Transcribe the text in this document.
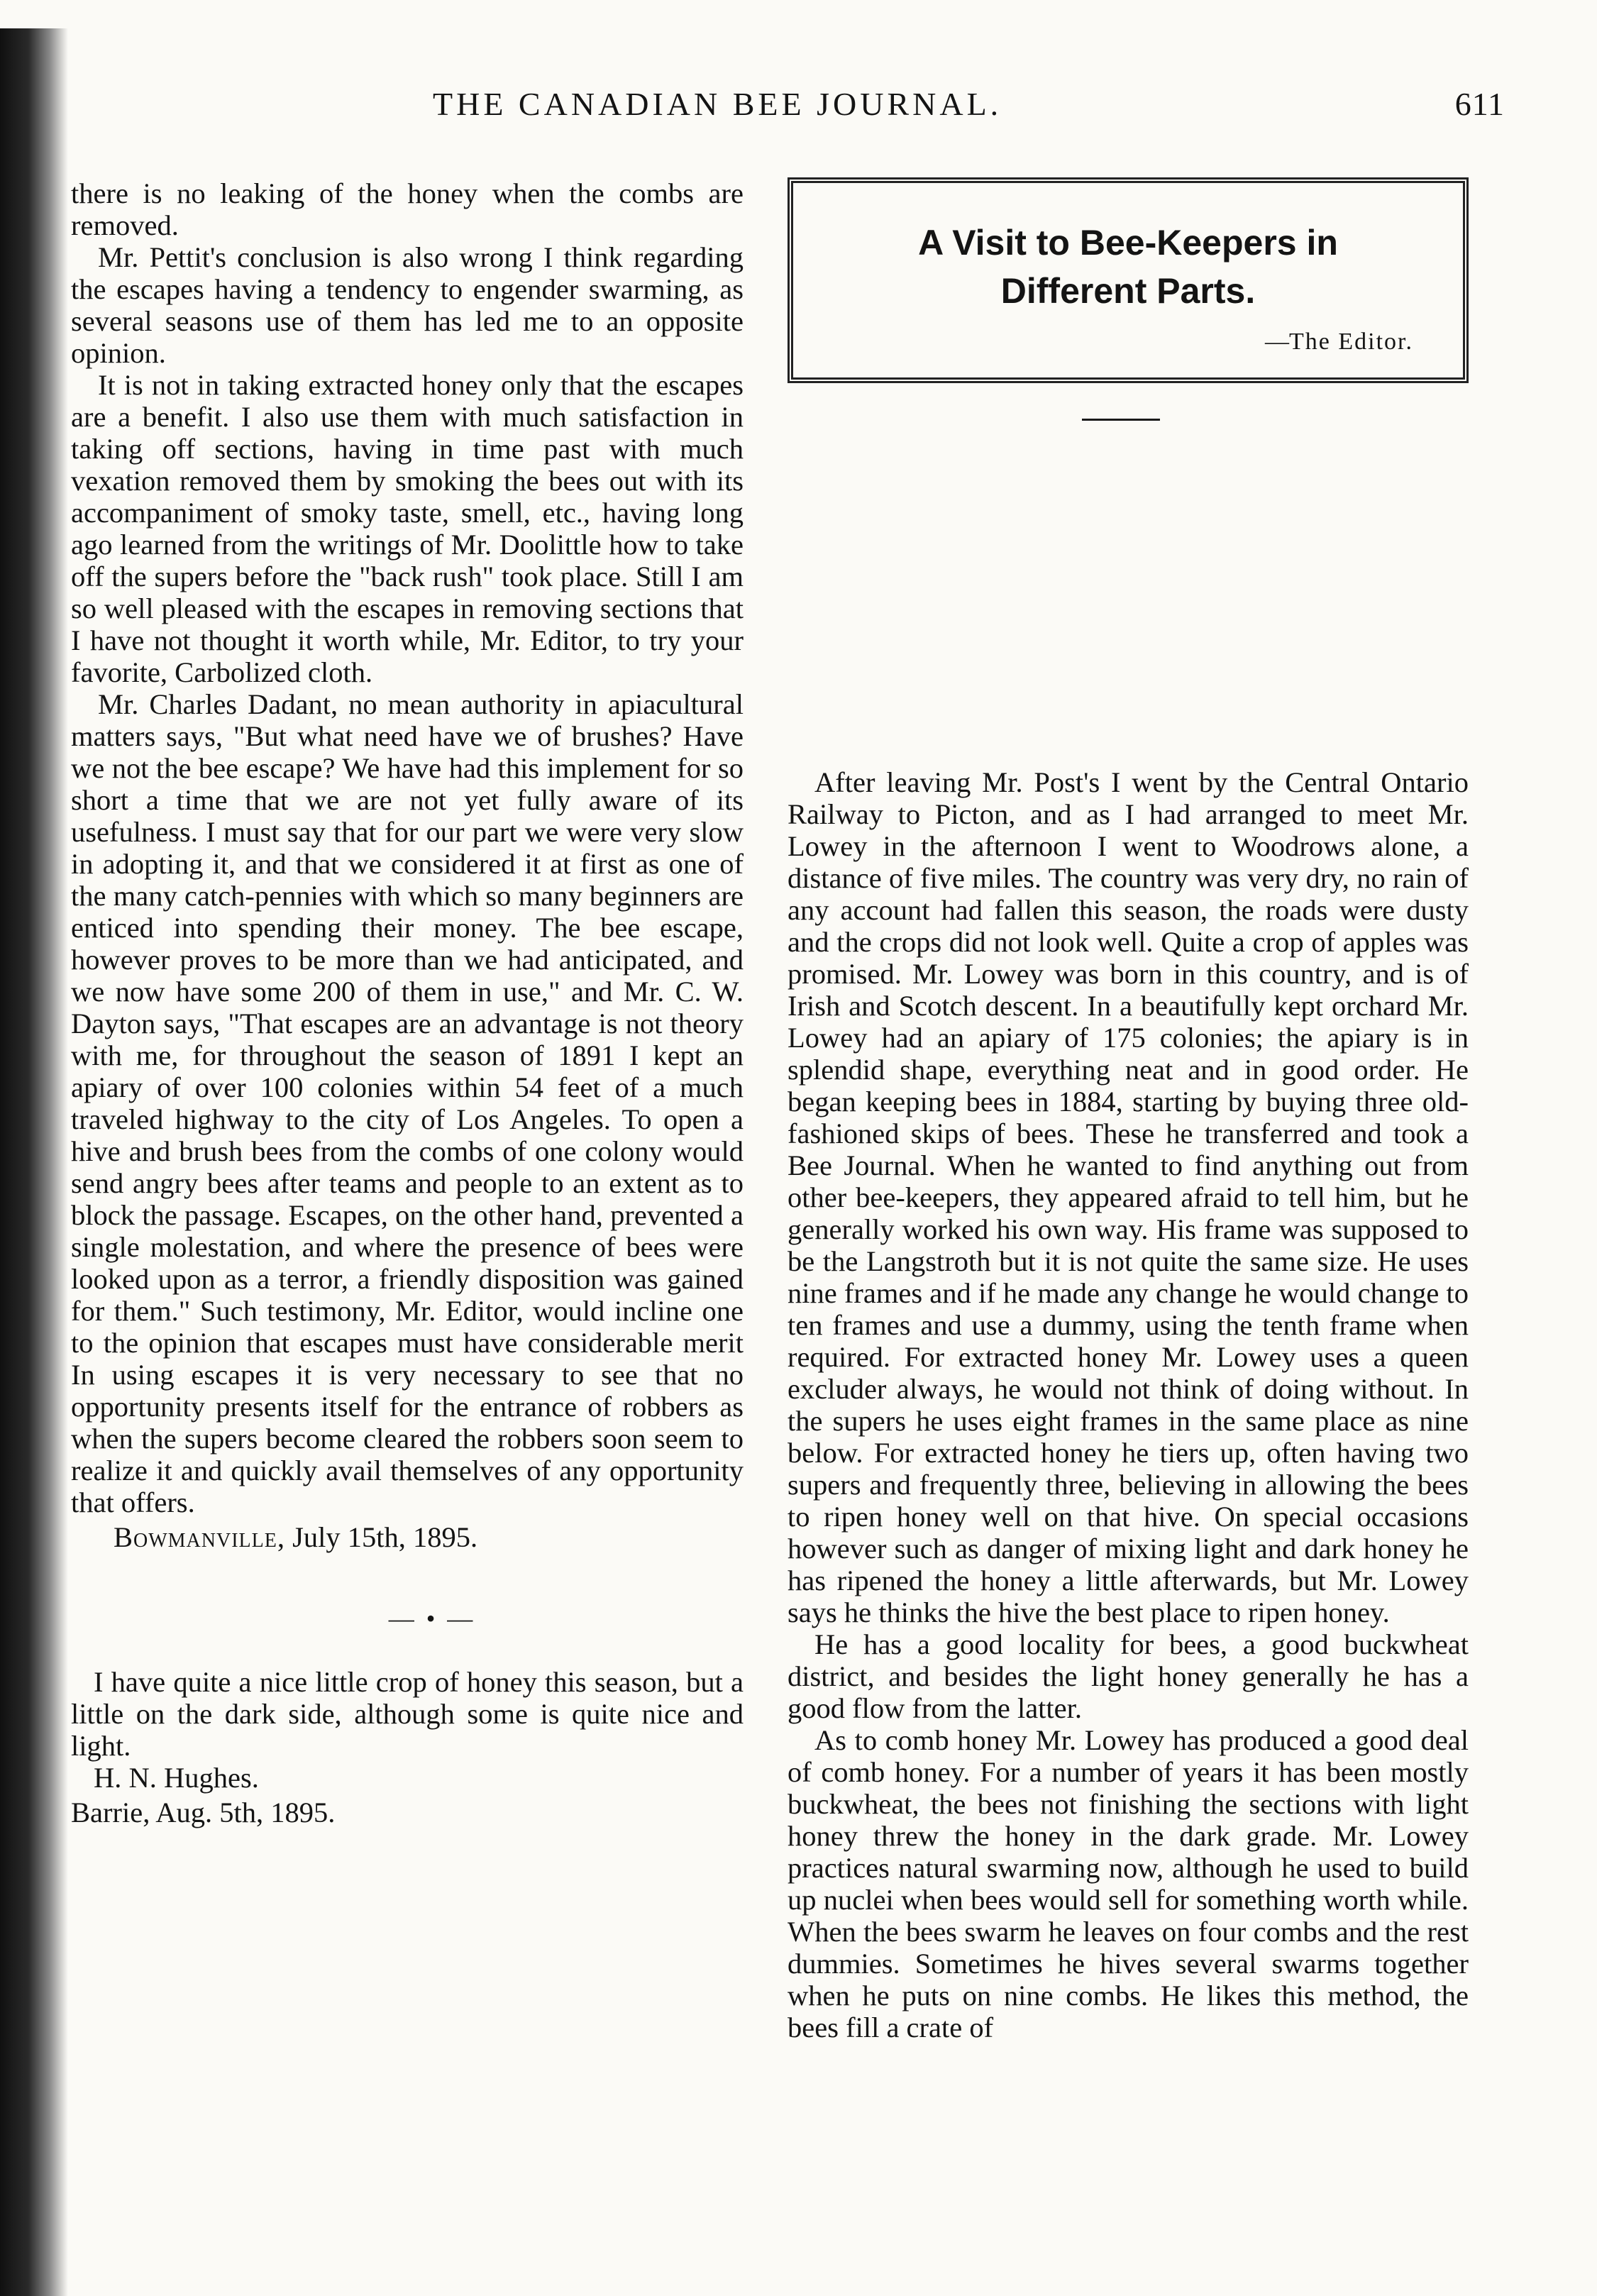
THE CANADIAN BEE JOURNAL.	611

there is no leaking of the honey when the combs are removed.

Mr. Pettit's conclusion is also wrong I think regarding the escapes having a tendency to engender swarming, as several seasons use of them has led me to an opposite opinion.

It is not in taking extracted honey only that the escapes are a benefit. I also use them with much satisfaction in taking off sections, having in time past with much vexation removed them by smoking the bees out with its accompaniment of smoky taste, smell, etc., having long ago learned from the writings of Mr. Doolittle how to take off the supers before the "back rush" took place. Still I am so well pleased with the escapes in removing sections that I have not thought it worth while, Mr. Editor, to try your favorite, Carbolized cloth.

Mr. Charles Dadant, no mean authority in apiacultural matters says, "But what need have we of brushes? Have we not the bee escape? We have had this implement for so short a time that we are not yet fully aware of its usefulness. I must say that for our part we were very slow in adopting it, and that we considered it at first as one of the many catch-pennies with which so many beginners are enticed into spending their money. The bee escape, however proves to be more than we had anticipated, and we now have some 200 of them in use," and Mr. C. W. Dayton says, "That escapes are an advantage is not theory with me, for throughout the season of 1891 I kept an apiary of over 100 colonies within 54 feet of a much traveled highway to the city of Los Angeles. To open a hive and brush bees from the combs of one colony would send angry bees after teams and people to an extent as to block the passage. Escapes, on the other hand, prevented a single molestation, and where the presence of bees were looked upon as a terror, a friendly disposition was gained for them." Such testimony, Mr. Editor, would incline one to the opinion that escapes must have considerable merit In using escapes it is very necessary to see that no opportunity presents itself for the entrance of robbers as when the supers become cleared the robbers soon seem to realize it and quickly avail themselves of any opportunity that offers.

Bowmanville, July 15th, 1895.

— • —

I have quite a nice little crop of honey this season, but a little on the dark side, although some is quite nice and light.

H. N. Hughes.

Barrie, Aug. 5th, 1895.

A Visit to Bee-Keepers in
Different Parts.
—The Editor.

After leaving Mr. Post's I went by the Central Ontario Railway to Picton, and as I had arranged to meet Mr. Lowey in the afternoon I went to Woodrows alone, a distance of five miles. The country was very dry, no rain of any account had fallen this season, the roads were dusty and the crops did not look well. Quite a crop of apples was promised. Mr. Lowey was born in this country, and is of Irish and Scotch descent. In a beautifully kept orchard Mr. Lowey had an apiary of 175 colonies; the apiary is in splendid shape, everything neat and in good order. He began keeping bees in 1884, starting by buying three old-fashioned skips of bees. These he transferred and took a Bee Journal. When he wanted to find anything out from other bee-keepers, they appeared afraid to tell him, but he generally worked his own way. His frame was supposed to be the Langstroth but it is not quite the same size. He uses nine frames and if he made any change he would change to ten frames and use a dummy, using the tenth frame when required. For extracted honey Mr. Lowey uses a queen excluder always, he would not think of doing without. In the supers he uses eight frames in the same place as nine below. For extracted honey he tiers up, often having two supers and frequently three, believing in allowing the bees to ripen honey well on that hive. On special occasions however such as danger of mixing light and dark honey he has ripened the honey a little afterwards, but Mr. Lowey says he thinks the hive the best place to ripen honey.

He has a good locality for bees, a good buckwheat district, and besides the light honey generally he has a good flow from the latter.

As to comb honey Mr. Lowey has produced a good deal of comb honey. For a number of years it has been mostly buckwheat, the bees not finishing the sections with light honey threw the honey in the dark grade. Mr. Lowey practices natural swarming now, although he used to build up nuclei when bees would sell for something worth while. When the bees swarm he leaves on four combs and the rest dummies. Sometimes he hives several swarms together when he puts on nine combs. He likes this method, the bees fill a crate of
